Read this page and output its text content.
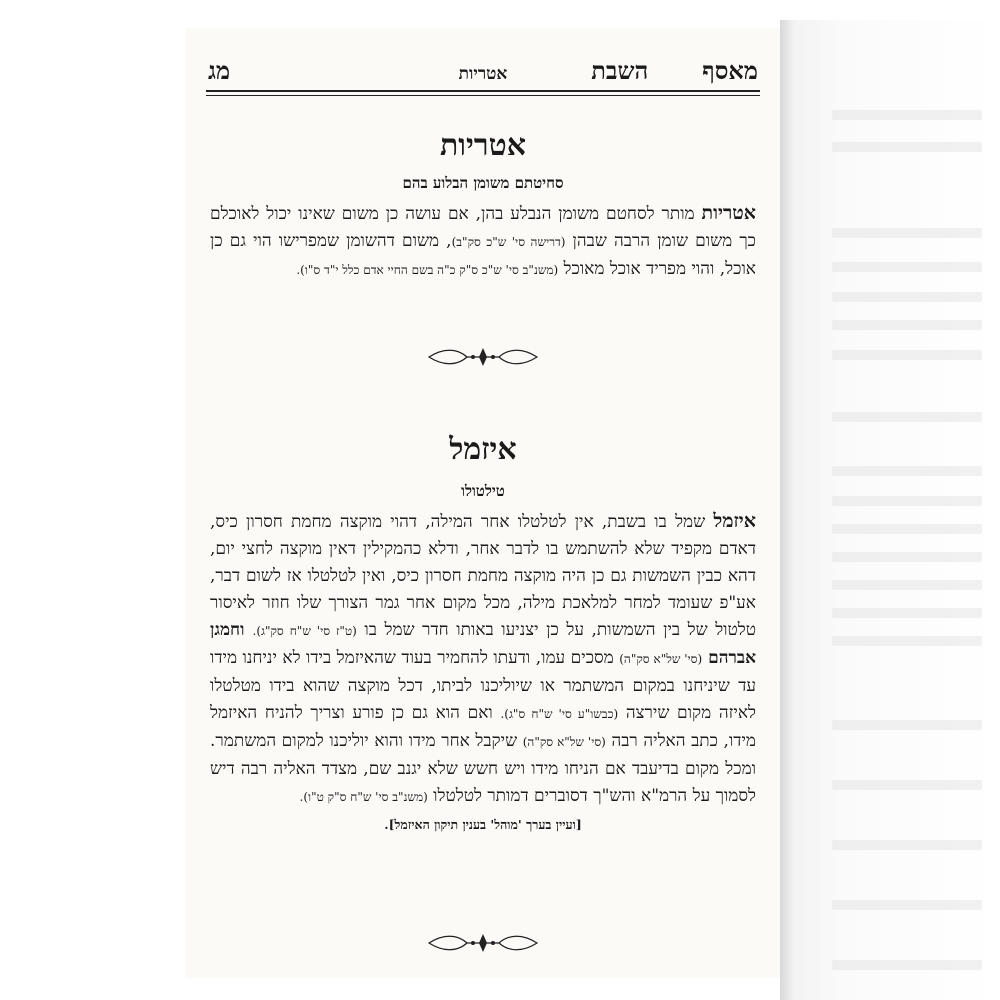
מאסף
השבת
אטריות
מג
אטריות
סחיטתם משומן הבלוע בהם
אטריות מותר לסחטם משומן הנבלע בהן, אם עושה כן משום שאינו יכול לאוכלם כך משום שומן הרבה שבהן (דרישה סי' ש"כ סק"ב), משום דהשומן שמפרישו הוי גם כן אוכל, והוי מפריד אוכל מאוכל (משנ"ב סי' ש"כ ס"ק כ"ה בשם החיי אדם כלל י"ד ס"ו).
איזמל
טילטולו
איזמל שמל בו בשבת, אין לטלטלו אחר המילה, דהוי מוקצה מחמת חסרון כיס, דאדם מקפיד שלא להשתמש בו לדבר אחר, ודלא כהמקילין דאין מוקצה לחצי יום, דהא כבין השמשות גם כן היה מוקצה מחמת חסרון כיס, ואין לטלטלו אז לשום דבר, אע"פ שעומד למחר למלאכת מילה, מכל מקום אחר גמר הצורך שלו חוזר לאיסור טלטול של בין השמשות, על כן יצניעו באותו חדר שמל בו (ט"ז סי' ש"ח סק"ג). וחמגן אברהם (סי' של"א סק"ה) מסכים עמו, ודעתו להחמיר בעוד שהאיזמל בידו לא יניחנו מידו עד שיניחנו במקום המשתמר או שיוליכנו לביתו, דכל מוקצה שהוא בידו מטלטלו לאיזה מקום שירצה (כבשו"ע סי' ש"ח ס"ג). ואם הוא גם כן פורע וצריך להניח האיזמל מידו, כתב האליה רבה (סי' של"א סק"ה) שיקבל אחר מידו והוא יוליכנו למקום המשתמר. ומכל מקום בדיעבד אם הניחו מידו ויש חשש שלא יגנב שם, מצדד האליה רבה דיש לסמוך על הרמ"א והש"ך דסוברים דמותר לטלטלו (משנ"ב סי' ש"ח ס"ק ט"ו).
[ועיין בערך 'מוהל' בענין תיקון האיזמל].
